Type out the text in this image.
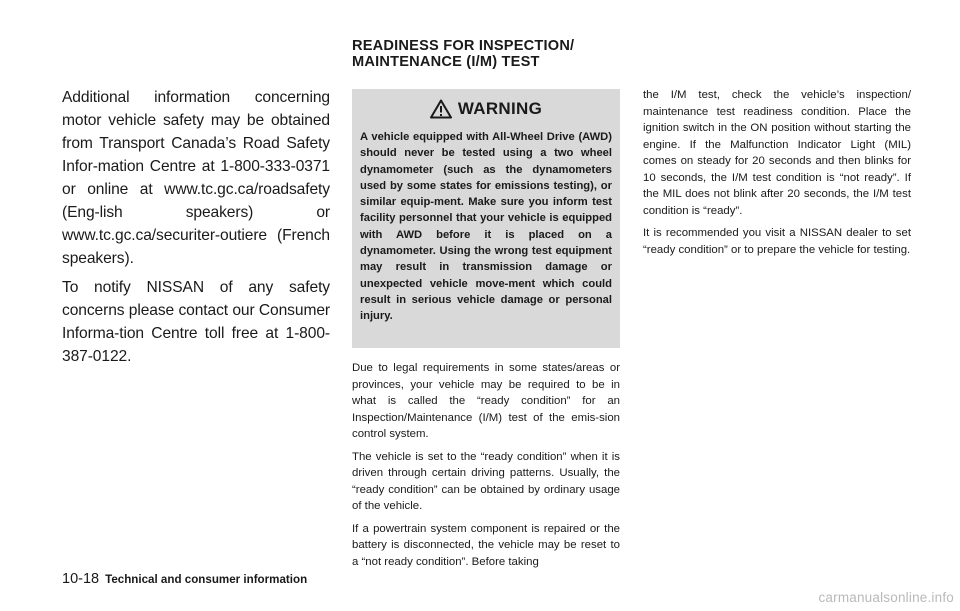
READINESS FOR INSPECTION/
MAINTENANCE (I/M) TEST

Additional information concerning motor vehicle safety may be obtained from Transport Canada’s Road Safety Infor-mation Centre at 1-800-333-0371 or online at www.tc.gc.ca/roadsafety (Eng-lish speakers) or www.tc.gc.ca/securiter-outiere (French speakers).

To notify NISSAN of any safety concerns please contact our Consumer Informa-tion Centre toll free at 1-800-387-0122.

WARNING

A vehicle equipped with All-Wheel Drive (AWD) should never be tested using a two wheel dynamometer (such as the dynamometers used by some states for emissions testing), or similar equip-ment. Make sure you inform test facility personnel that your vehicle is equipped with AWD before it is placed on a dynamometer. Using the wrong test equipment may result in transmission damage or unexpected vehicle move-ment which could result in serious vehicle damage or personal injury.

Due to legal requirements in some states/areas or provinces, your vehicle may be required to be in what is called the “ready condition” for an Inspection/Maintenance (I/M) test of the emis-sion control system.

The vehicle is set to the “ready condition” when it is driven through certain driving patterns. Usually, the “ready condition” can be obtained by ordinary usage of the vehicle.

If a powertrain system component is repaired or the battery is disconnected, the vehicle may be reset to a “not ready condition”. Before taking

the I/M test, check the vehicle’s inspection/ maintenance test readiness condition. Place the ignition switch in the ON position without starting the engine. If the Malfunction Indicator Light (MIL) comes on steady for 20 seconds and then blinks for 10 seconds, the I/M test condition is “not ready”. If the MIL does not blink after 20 seconds, the I/M test condition is “ready”.

It is recommended you visit a NISSAN dealer to set “ready condition” or to prepare the vehicle for testing.

10-18 Technical and consumer information
carmanualsonline.info
